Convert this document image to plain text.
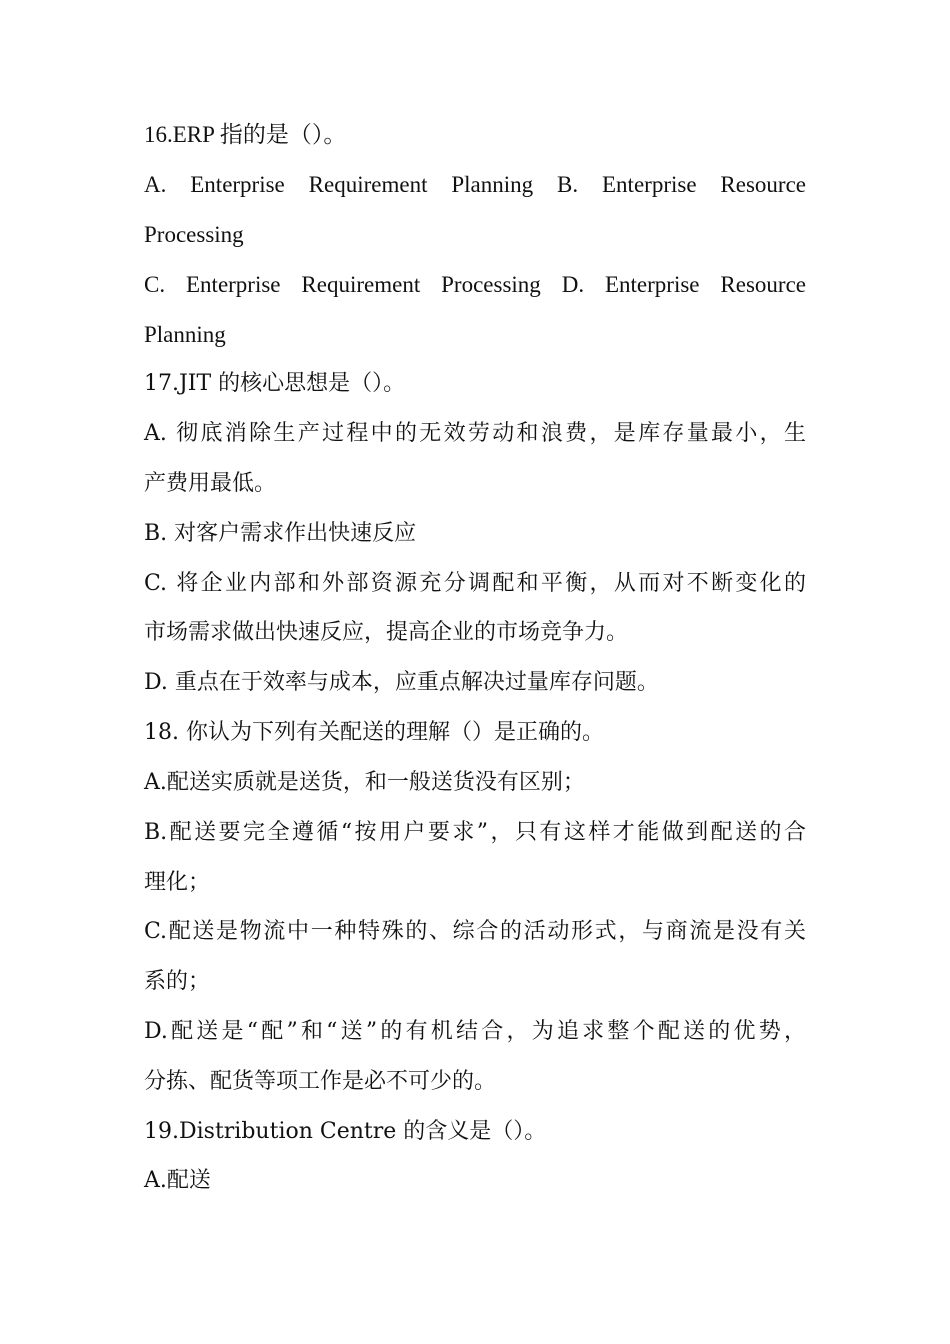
16.ERP 指的是（）。
A. Enterprise Requirement Planning B. Enterprise Resource
Processing
C. Enterprise Requirement Processing D. Enterprise Resource
Planning
17.JIT 的核心思想是（）。
A. 彻底消除生产过程中的无效劳动和浪费，是库存量最小，生
产费用最低。
B. 对客户需求作出快速反应
C. 将企业内部和外部资源充分调配和平衡，从而对不断变化的
市场需求做出快速反应，提高企业的市场竞争力。
D. 重点在于效率与成本，应重点解决过量库存问题。
18. 你认为下列有关配送的理解（）是正确的。
A.配送实质就是送货，和一般送货没有区别；
B.配送要完全遵循“按用户要求”，只有这样才能做到配送的合
理化；
C.配送是物流中一种特殊的、综合的活动形式，与商流是没有关
系的；
D.配送是“配”和“送”的有机结合，为追求整个配送的优势，
分拣、配货等项工作是必不可少的。
19.Distribution Centre 的含义是（）。
A.配送
